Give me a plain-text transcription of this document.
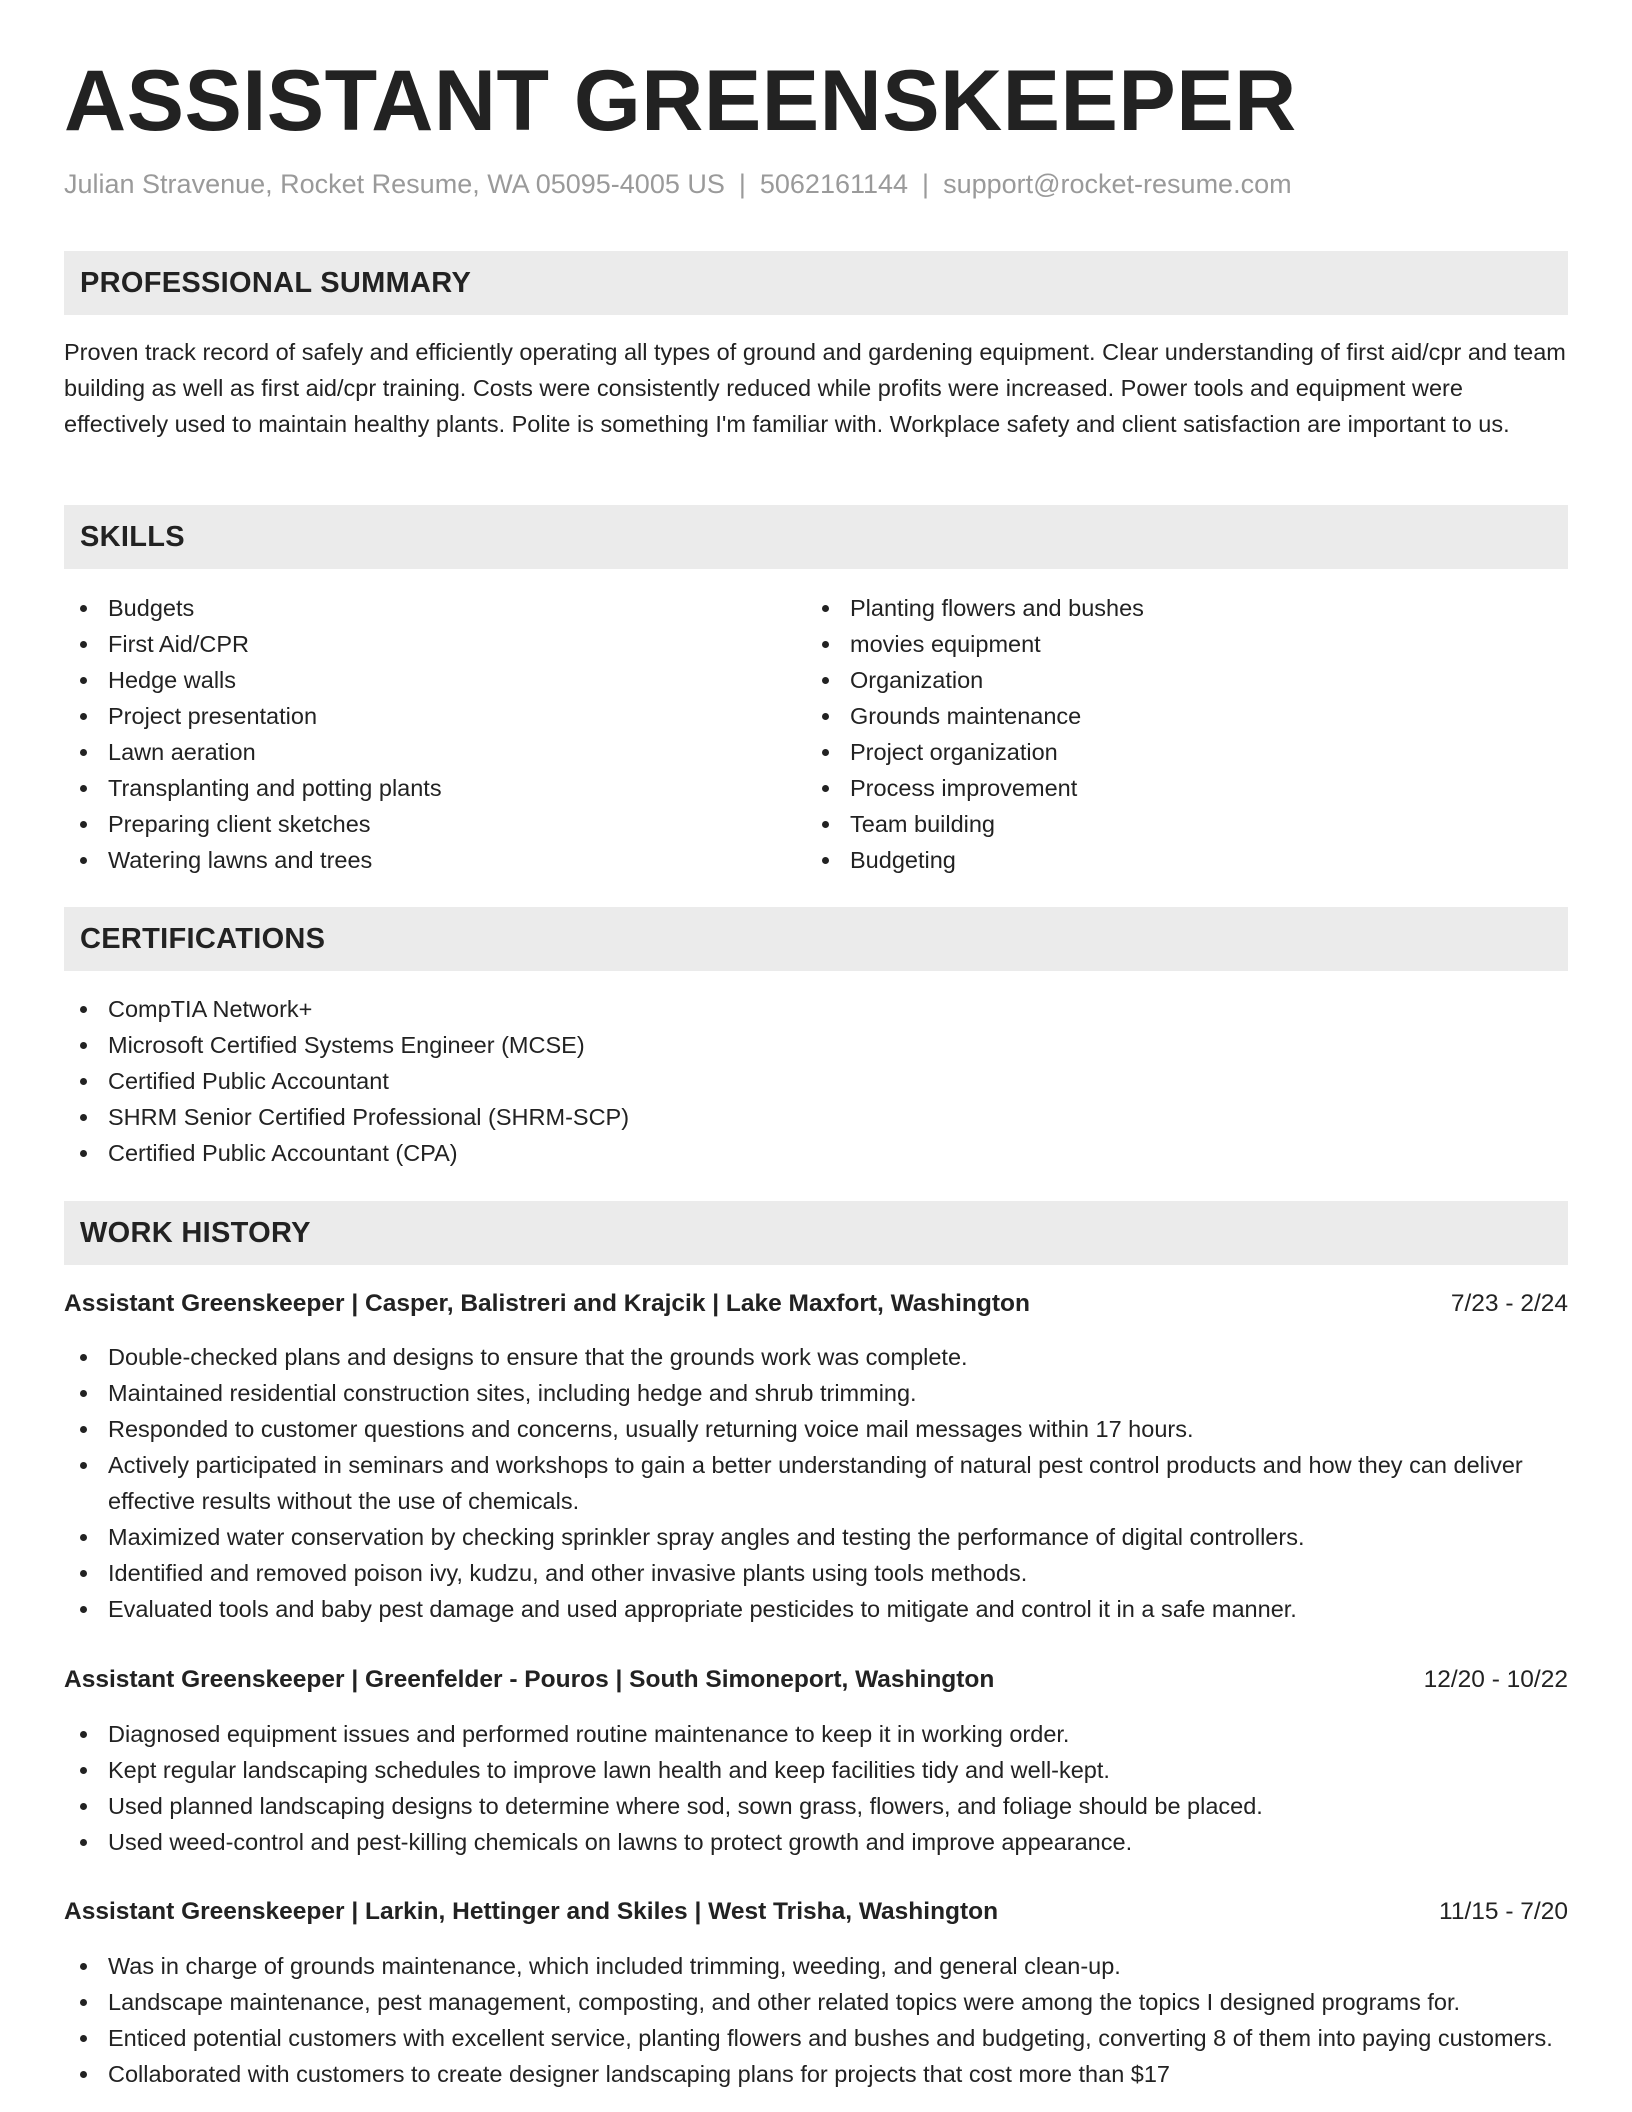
ASSISTANT GREENSKEEPER
Julian Stravenue, Rocket Resume, WA 05095-4005 US | 5062161144 | support@rocket-resume.com
PROFESSIONAL SUMMARY

Proven track record of safely and efficiently operating all types of ground and gardening equipment. Clear understanding of first aid/cpr and team building as well as first aid/cpr training. Costs were consistently reduced while profits were increased. Power tools and equipment were effectively used to maintain healthy plants. Polite is something I'm familiar with. Workplace safety and client satisfaction are important to us.

SKILLS
Budgets
First Aid/CPR
Hedge walls
Project presentation
Lawn aeration
Transplanting and potting plants
Preparing client sketches
Watering lawns and trees
Planting flowers and bushes
movies equipment
Organization
Grounds maintenance
Project organization
Process improvement
Team building
Budgeting
CERTIFICATIONS
CompTIA Network+
Microsoft Certified Systems Engineer (MCSE)
Certified Public Accountant
SHRM Senior Certified Professional (SHRM-SCP)
Certified Public Accountant (CPA)
WORK HISTORY
Assistant Greenskeeper | Casper, Balistreri and Krajcik | Lake Maxfort, Washington	7/23 - 2/24
Double-checked plans and designs to ensure that the grounds work was complete.
Maintained residential construction sites, including hedge and shrub trimming.
Responded to customer questions and concerns, usually returning voice mail messages within 17 hours.
Actively participated in seminars and workshops to gain a better understanding of natural pest control products and how they can deliver effective results without the use of chemicals.
Maximized water conservation by checking sprinkler spray angles and testing the performance of digital controllers.
Identified and removed poison ivy, kudzu, and other invasive plants using tools methods.
Evaluated tools and baby pest damage and used appropriate pesticides to mitigate and control it in a safe manner.
Assistant Greenskeeper | Greenfelder - Pouros | South Simoneport, Washington	12/20 - 10/22
Diagnosed equipment issues and performed routine maintenance to keep it in working order.
Kept regular landscaping schedules to improve lawn health and keep facilities tidy and well-kept.
Used planned landscaping designs to determine where sod, sown grass, flowers, and foliage should be placed.
Used weed-control and pest-killing chemicals on lawns to protect growth and improve appearance.
Assistant Greenskeeper | Larkin, Hettinger and Skiles | West Trisha, Washington	11/15 - 7/20
Was in charge of grounds maintenance, which included trimming, weeding, and general clean-up.
Landscape maintenance, pest management, composting, and other related topics were among the topics I designed programs for.
Enticed potential customers with excellent service, planting flowers and bushes and budgeting, converting 8 of them into paying customers.
Collaborated with customers to create designer landscaping plans for projects that cost more than $17
